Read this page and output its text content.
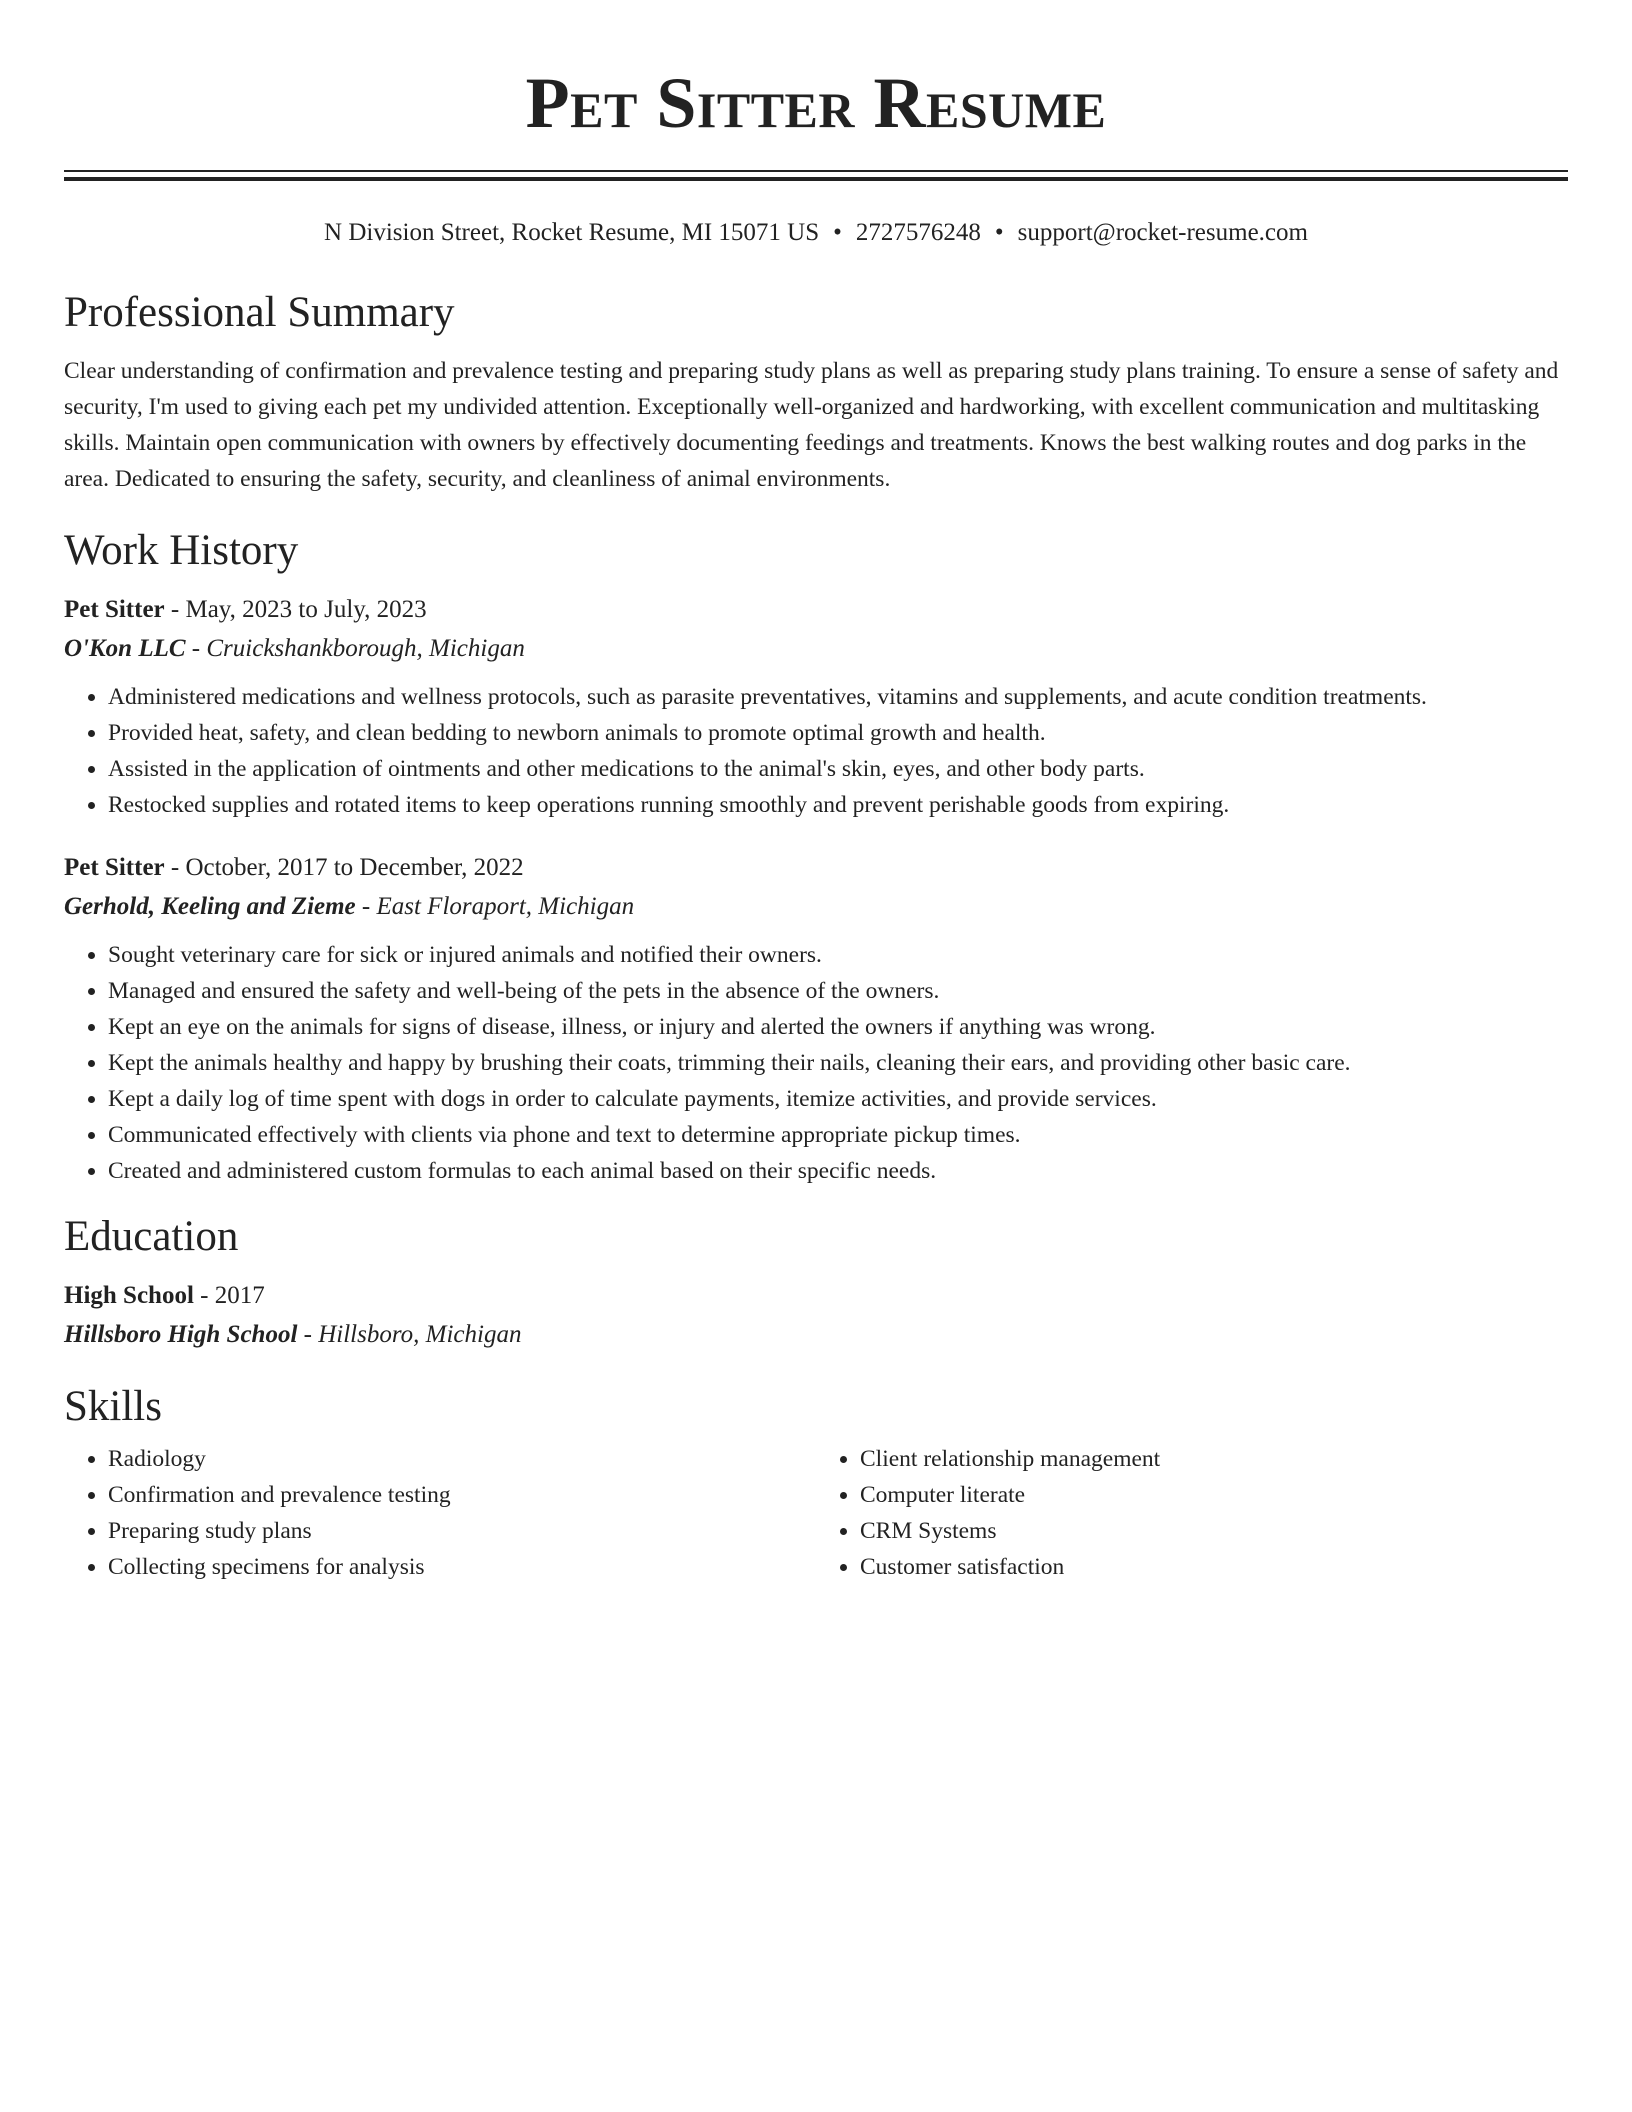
Pet Sitter Resume
N Division Street, Rocket Resume, MI 15071 US • 2727576248 • support@rocket-resume.com
Professional Summary
Clear understanding of confirmation and prevalence testing and preparing study plans as well as preparing study plans training. To ensure a sense of safety and security, I'm used to giving each pet my undivided attention. Exceptionally well-organized and hardworking, with excellent communication and multitasking skills. Maintain open communication with owners by effectively documenting feedings and treatments. Knows the best walking routes and dog parks in the area. Dedicated to ensuring the safety, security, and cleanliness of animal environments.
Work History
Pet Sitter - May, 2023 to July, 2023
O'Kon LLC - Cruickshankborough, Michigan
• Administered medications and wellness protocols, such as parasite preventatives, vitamins and supplements, and acute condition treatments.
• Provided heat, safety, and clean bedding to newborn animals to promote optimal growth and health.
• Assisted in the application of ointments and other medications to the animal's skin, eyes, and other body parts.
• Restocked supplies and rotated items to keep operations running smoothly and prevent perishable goods from expiring.
Pet Sitter - October, 2017 to December, 2022
Gerhold, Keeling and Zieme - East Floraport, Michigan
• Sought veterinary care for sick or injured animals and notified their owners.
• Managed and ensured the safety and well-being of the pets in the absence of the owners.
• Kept an eye on the animals for signs of disease, illness, or injury and alerted the owners if anything was wrong.
• Kept the animals healthy and happy by brushing their coats, trimming their nails, cleaning their ears, and providing other basic care.
• Kept a daily log of time spent with dogs in order to calculate payments, itemize activities, and provide services.
• Communicated effectively with clients via phone and text to determine appropriate pickup times.
• Created and administered custom formulas to each animal based on their specific needs.
Education
High School - 2017
Hillsboro High School - Hillsboro, Michigan
Skills
• Radiology
• Confirmation and prevalence testing
• Preparing study plans
• Collecting specimens for analysis
• Client relationship management
• Computer literate
• CRM Systems
• Customer satisfaction
